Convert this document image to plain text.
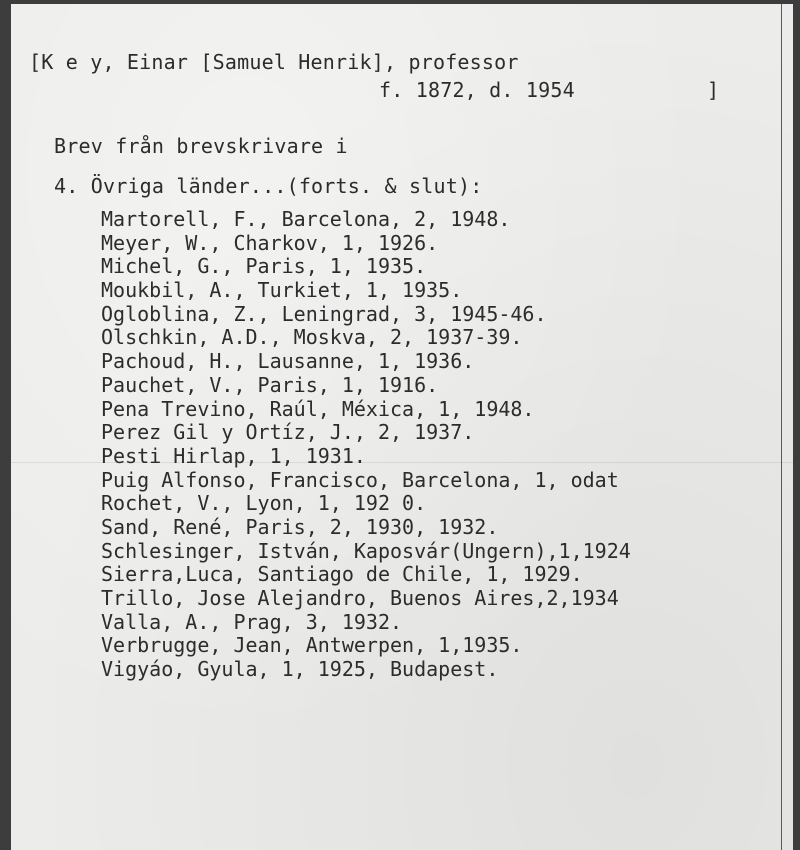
[K e y, Einar [Samuel Henrik], professor
f. 1872, d. 1954	]
Brev från brevskrivare i
4. Övriga länder...(forts. & slut):
Martorell, F., Barcelona, 2, 1948.
Meyer, W., Charkov, 1, 1926.
Michel, G., Paris, 1, 1935.
Moukbil, A., Turkiet, 1, 1935.
Ogloblina, Z., Leningrad, 3, 1945-46.
Olschkin, A.D., Moskva, 2, 1937-39.
Pachoud, H., Lausanne, 1, 1936.
Pauchet, V., Paris, 1, 1916.
Pena Trevino, Raúl, Méxica, 1, 1948.
Perez Gil y Ortíz, J., 2, 1937.
Pesti Hirlap, 1, 1931.
Puig Alfonso, Francisco, Barcelona, 1, odat
Rochet, V., Lyon, 1, 192 0.
Sand, René, Paris, 2, 1930, 1932.
Schlesinger, István, Kaposvár(Ungern),1,1924
Sierra,Luca, Santiago de Chile, 1, 1929.
Trillo, Jose Alejandro, Buenos Aires,2,1934
Valla, A., Prag, 3, 1932.
Verbrugge, Jean, Antwerpen, 1,1935.
Vigyáo, Gyula, 1, 1925, Budapest.
